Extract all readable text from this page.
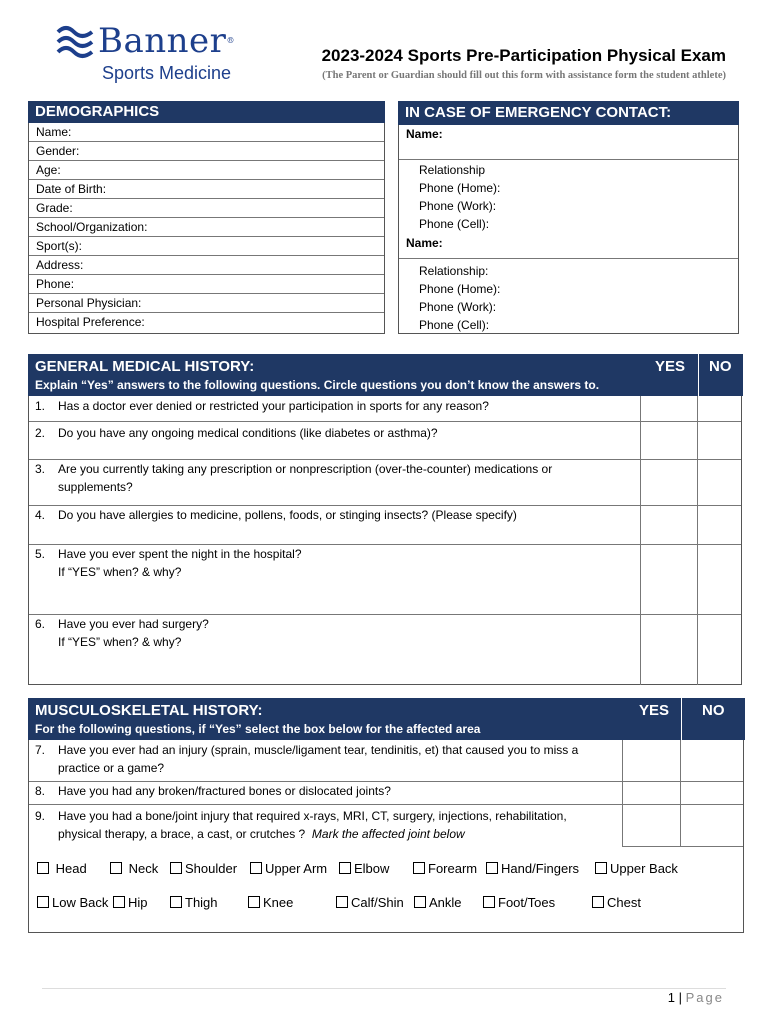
Banner®
Sports Medicine
2023-2024 Sports Pre-Participation Physical Exam
(The Parent or Guardian should fill out this form with assistance form the student athlete)
DEMOGRAPHICS
Name:
Gender:
Age:
Date of Birth:
Grade:
School/Organization:
Sport(s):
Address:
Phone:
Personal Physician:
Hospital Preference:
IN CASE OF EMERGENCY CONTACT:
Name:
Relationship
Phone (Home):
Phone (Work):
Phone (Cell):
Name:
Relationship:
Phone (Home):
Phone (Work):
Phone (Cell):
GENERAL MEDICAL HISTORY:
Explain “Yes” answers to the following questions. Circle questions you don’t know the answers to.
YES NO
1. Has a doctor ever denied or restricted your participation in sports for any reason?
2. Do you have any ongoing medical conditions (like diabetes or asthma)?
3. Are you currently taking any prescription or nonprescription (over-the-counter) medications or
supplements?
4. Do you have allergies to medicine, pollens, foods, or stinging insects? (Please specify)
5. Have you ever spent the night in the hospital?
If “YES” when? & why?
6. Have you ever had surgery?
If “YES” when? & why?
MUSCULOSKELETAL HISTORY:
For the following questions, if “Yes” select the box below for the affected area
YES NO
7. Have you ever had an injury (sprain, muscle/ligament tear, tendinitis, et) that caused you to miss a
practice or a game?
8. Have you had any broken/fractured bones or dislocated joints?
9. Have you had a bone/joint injury that required x-rays, MRI, CT, surgery, injections, rehabilitation,
physical therapy, a brace, a cast, or crutches ? Mark the affected joint below
Head	Neck	Shoulder	Upper Arm	Elbow	Forearm	Hand/Fingers	Upper Back
Low Back	Hip	Thigh	Knee	Calf/Shin	Ankle	Foot/Toes	Chest
1 | Page
